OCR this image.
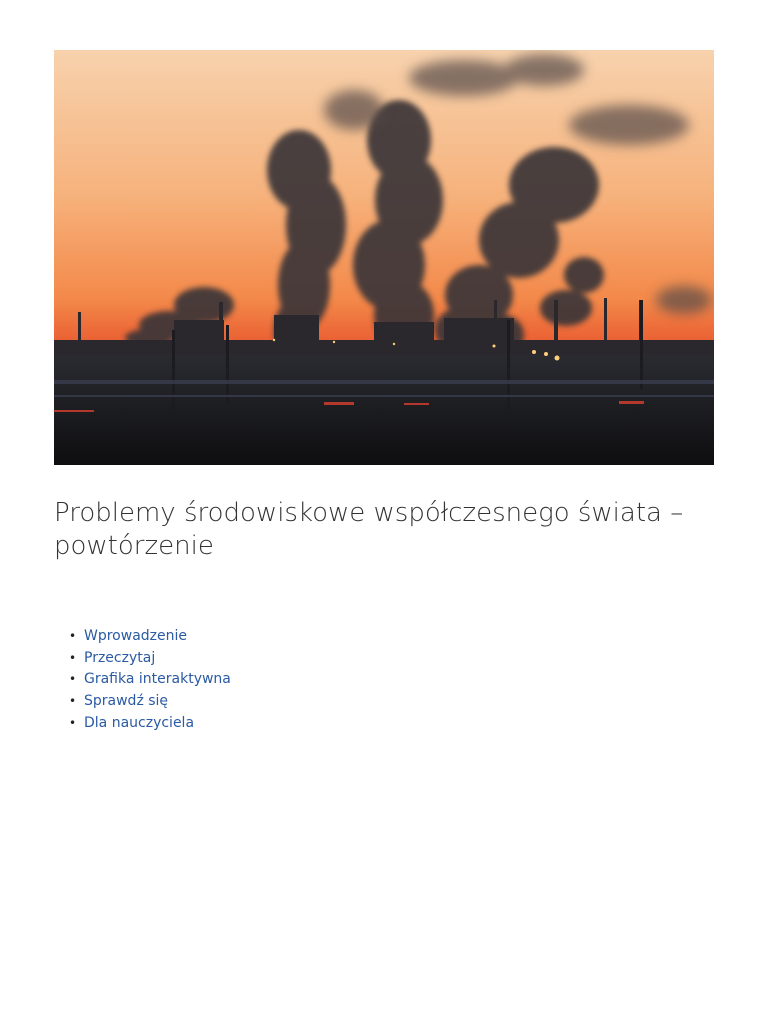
Problemy środowiskowe współczesnego świata – powtórzenie
• Wprowadzenie
• Przeczytaj
• Grafika interaktywna
• Sprawdź się
• Dla nauczyciela
